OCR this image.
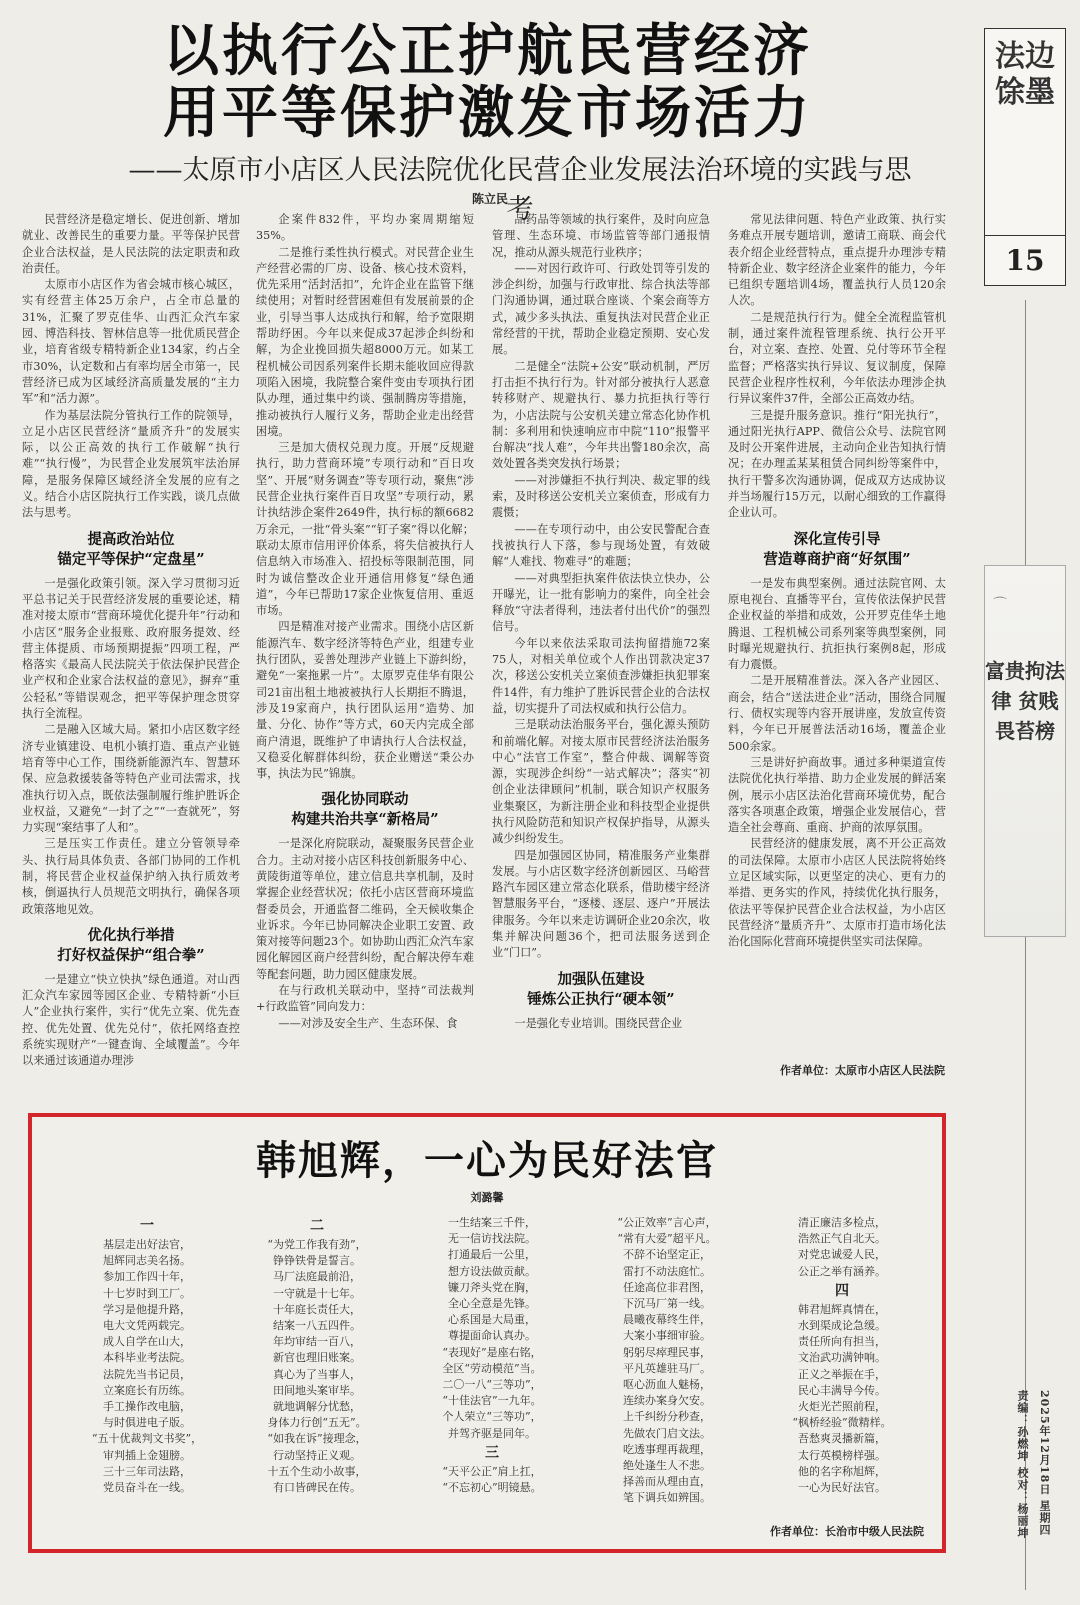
以执行公正护航民营经济
用平等保护激发市场活力
——太原市小店区人民法院优化民营企业发展法治环境的实践与思考
陈立民

民营经济是稳定增长、促进创新、增加就业、改善民生的重要力量。平等保护民营企业合法权益，是人民法院的法定职责和政治责任。

太原市小店区作为省会城市核心城区，实有经营主体25万余户，占全市总量的31%，汇聚了罗克佳华、山西汇众汽车家园、博浩科技、智林信息等一批优质民营企业，培育省级专精特新企业134家，约占全市30%，认定数和占有率均居全市第一，民营经济已成为区域经济高质量发展的“主力军”和“活力源”。

作为基层法院分管执行工作的院领导，立足小店区民营经济“量质齐升”的发展实际，以公正高效的执行工作破解“执行难”“执行慢”，为民营企业发展筑牢法治屏障，是服务保障区域经济全发展的应有之义。结合小店区院执行工作实践，谈几点做法与思考。

提高政治站位
锚定平等保护“定盘星”

一是强化政策引领。深入学习贯彻习近平总书记关于民营经济发展的重要论述，精准对接太原市“营商环境优化提升年”行动和小店区“服务企业报账、政府服务提效、经营主体提质、市场预期提振”四项工程，严格落实《最高人民法院关于依法保护民营企业产权和企业家合法权益的意见》，摒弃“重公轻私”等错误观念，把平等保护理念贯穿执行全流程。

二是融入区域大局。紧扣小店区数字经济专业镇建设、电机小镇打造、重点产业链培育等中心工作，围绕新能源汽车、智慧环保、应急救援装备等特色产业司法需求，找准执行切入点，既依法强制履行维护胜诉企业权益，又避免“一封了之”“一查就死”，努力实现“案结事了人和”。

三是压实工作责任。建立分管领导牵头、执行局具体负责、各部门协同的工作机制，将民营企业权益保护纳入执行质效考核，倒逼执行人员规范文明执行，确保各项政策落地见效。

优化执行举措
打好权益保护“组合拳”

一是建立“快立快执”绿色通道。对山西汇众汽车家园等园区企业、专精特新“小巨人”企业执行案件，实行“优先立案、优先查控、优先处置、优先兑付”，依托网络查控系统实现财产“一键查询、全域覆盖”。今年以来通过该通道办理涉

企案件832件，平均办案周期缩短35%。

二是推行柔性执行模式。对民营企业生产经营必需的厂房、设备、核心技术资料，优先采用“活封活扣”，允许企业在监管下继续使用；对暂时经营困难但有发展前景的企业，引导当事人达成执行和解，给予宽限期帮助纾困。今年以来促成37起涉企纠纷和解，为企业挽回损失超8000万元。如某工程机械公司因系列案件长期未能收回应得款项陷入困境，我院整合案件变由专项执行团队办理，通过集中约谈、强制腾房等措施，推动被执行人履行义务，帮助企业走出经营困境。

三是加大债权兑现力度。开展“反规避执行，助力营商环境”专项行动和“百日攻坚”、开展“财务调查”等专项行动，聚焦“涉民营企业执行案件百日攻坚”专项行动，累计执结涉企案件2649件，执行标的额6682万余元，一批“骨头案”“钉子案”得以化解；联动太原市信用评价体系，将失信被执行人信息纳入市场准入、招投标等限制范围，同时为诚信整改企业开通信用修复“绿色通道”，今年已帮助17家企业恢复信用、重返市场。

四是精准对接产业需求。围绕小店区新能源汽车、数字经济等特色产业，组建专业执行团队，妥善处理涉产业链上下游纠纷，避免“一案拖累一片”。太原罗克佳华有限公司21亩出租土地被被执行人长期拒不腾退，涉及19家商户，执行团队运用“造势、加量、分化、协作”等方式，60天内完成全部商户清退，既维护了申请执行人合法权益，又稳妥化解群体纠纷，获企业赠送“秉公办事，执法为民”锦旗。

强化协同联动
构建共治共享“新格局”

一是深化府院联动，凝聚服务民营企业合力。主动对接小店区科技创新服务中心、黄陵街道等单位，建立信息共享机制，及时掌握企业经营状况；依托小店区营商环境监督委员会，开通监督二维码，全天候收集企业诉求。今年已协同解决企业职工安置、政策对接等问题23个。如协助山西汇众汽车家园化解园区商户经营纠纷，配合解决停车难等配套问题，助力园区健康发展。

在与行政机关联动中，坚持“司法裁判+行政监管”同向发力：

——对涉及安全生产、生态环保、食

品药品等领域的执行案件，及时向应急管理、生态环境、市场监管等部门通报情况，推动从源头规范行业秩序；

——对因行政许可、行政处罚等引发的涉企纠纷，加强与行政审批、综合执法等部门沟通协调，通过联合座谈、个案会商等方式，减少多头执法、重复执法对民营企业正常经营的干扰，帮助企业稳定预期、安心发展。

二是健全“法院+公安”联动机制，严厉打击拒不执行行为。针对部分被执行人恶意转移财产、规避执行、暴力抗拒执行等行为，小店法院与公安机关建立常态化协作机制：多利用和快速响应市中院“110”报警平台解决“找人难”，今年共出警180余次，高效处置各类突发执行场景；

——对涉嫌拒不执行判决、裁定罪的线索，及时移送公安机关立案侦查，形成有力震慑；

——在专项行动中，由公安民警配合查找被执行人下落，参与现场处置，有效破解“人难找、物难寻”的难题；

——对典型拒执案件依法快立快办，公开曝光，让一批有影响力的案件，向全社会释放“守法者得利，违法者付出代价”的强烈信号。

今年以来依法采取司法拘留措施72案75人，对相关单位或个人作出罚款决定37次，移送公安机关立案侦查涉嫌拒执犯罪案件14件，有力维护了胜诉民营企业的合法权益，切实提升了司法权威和执行公信力。

三是联动法治服务平台，强化源头预防和前端化解。对接太原市民营经济法治服务中心“法官工作室”，整合仲裁、调解等资源，实现涉企纠纷“一站式解决”；落实“初创企业法律顾问”机制，联合知识产权服务业集聚区，为新注册企业和科技型企业提供执行风险防范和知识产权保护指导，从源头减少纠纷发生。

四是加强园区协同，精准服务产业集群发展。与小店区数字经济创新园区、马峪营路汽车园区建立常态化联系，借助楼宇经济智慧服务平台，“逐楼、逐层、逐户”开展法律服务。今年以来走访调研企业20余次，收集并解决问题36个，把司法服务送到企业“门口”。

加强队伍建设
锤炼公正执行“硬本领”

一是强化专业培训。围绕民营企业

常见法律问题、特色产业政策、执行实务难点开展专题培训，邀请工商联、商会代表介绍企业经营特点，重点提升办理涉专精特新企业、数字经济企业案件的能力，今年已组织专题培训4场，覆盖执行人员120余人次。

二是规范执行行为。健全全流程监管机制，通过案件流程管理系统、执行公开平台，对立案、查控、处置、兑付等环节全程监督；严格落实执行异议、复议制度，保障民营企业程序性权利，今年依法办理涉企执行异议案件37件，全部公正高效办结。

三是提升服务意识。推行“阳光执行”，通过阳光执行APP、微信公众号、法院官网及时公开案件进展，主动向企业告知执行情况；在办理孟某某租赁合同纠纷等案件中，执行干警多次沟通协调，促成双方达成协议并当场履行15万元，以耐心细致的工作赢得企业认可。

深化宣传引导
营造尊商护商“好氛围”

一是发布典型案例。通过法院官网、太原电视台、直播等平台，宣传依法保护民营企业权益的举措和成效，公开罗克佳华土地腾退、工程机械公司系列案等典型案例，同时曝光规避执行、抗拒执行案例8起，形成有力震慑。

二是开展精准普法。深入各产业园区、商会，结合“送法进企业”活动，围绕合同履行、债权实现等内容开展讲座，发放宣传资料，今年已开展普法活动16场，覆盖企业500余家。

三是讲好护商故事。通过多种渠道宣传法院优化执行举措、助力企业发展的鲜活案例，展示小店区法治化营商环境优势，配合落实各项惠企政策，增强企业发展信心，营造全社会尊商、重商、护商的浓厚氛围。

民营经济的健康发展，离不开公正高效的司法保障。太原市小店区人民法院将始终立足区域实际，以更坚定的决心、更有力的举措、更务实的作风，持续优化执行服务，依法平等保护民营企业合法权益，为小店区民营经济“量质齐升”、太原市打造市场化法治化国际化营商环境提供坚实司法保障。

作者单位：太原市小店区人民法院
法边馀墨
15
⌒
富贵拘法律 贫贱畏苔榜
韩旭辉，一心为民好法官
刘潞馨
一
基层走出好法官，
旭辉同志美名扬。
参加工作四十年，
十七岁时到工厂。
学习是他提升路，
电大文凭两载完。
成人自学在山大，
本科毕业考法院。
法院先当书记员，
立案庭长有历练。
手工操作改电脑，
与时俱进电子版。
“五十优裁判文书奖”，
审判插上金翅膀。
三十三年司法路，
党员奋斗在一线。
二
“为党工作我有劲”，
铮铮铁骨是誓言。
马厂法庭最前沿，
一守就是十七年。
十年庭长责任大，
结案一八五四件。
年均审结一百八，
新官也理旧账案。
真心为了当事人，
田间地头案审毕。
就地调解分忧愁，
身体力行创“五无”。
“如我在诉”接理念，
行动坚持正义观。
十五个生动小故事，
有口皆碑民在传。
一生结案三千件，
无一信访找法院。
打通最后一公里，
想方设法做贡献。
镰刀斧头党在胸，
全心全意是先锋。
心系国是大局重，
尊提面命认真办。
“表现好”是座右铭，
全区“劳动模范”当。
二〇一八“三等功”，
“十佳法官”一九年。
个人荣立“三等功”，
并驾齐驱是同年。
三
“天平公正”肩上扛，
“不忘初心”明镜悬。
“公正效率”言心声，
“常有大爱”超平凡。
不辞不诒坚定正，
雷打不动法庭忙。
任途高位非君图，
下沉马厂第一线。
晨曦夜幕终生伴，
大案小事细审验。
躬躬尽瘁理民事，
平凡英雄驻马厂。
呕心沥血人魅杨，
连续办案身欠安。
上千纠纷分秒查，
先做农门启文法。
吃透事理再裁理，
绝处逢生人不悲。
择善而从理由直，
笔下调兵如辨国。
清正廉洁多检点，
浩然正气自北天。
对党忠诚爱人民，
公正之举有涵养。
四
韩君旭辉真情在，
水到渠成论急缓。
责任所向有担当，
文治武功满钟响。
正义之举振在手，
民心丰满导今传。
火炬光芒照前程，
“枫桥经验”微精样。
吾愁爽灵播新篇，
太行英模榜样强。
他的名字称旭辉，
一心为民好法官。
作者单位：长治市中级人民法院	责编：孙燃坤 校对：杨丽坤 2025年12月18日 星期四
